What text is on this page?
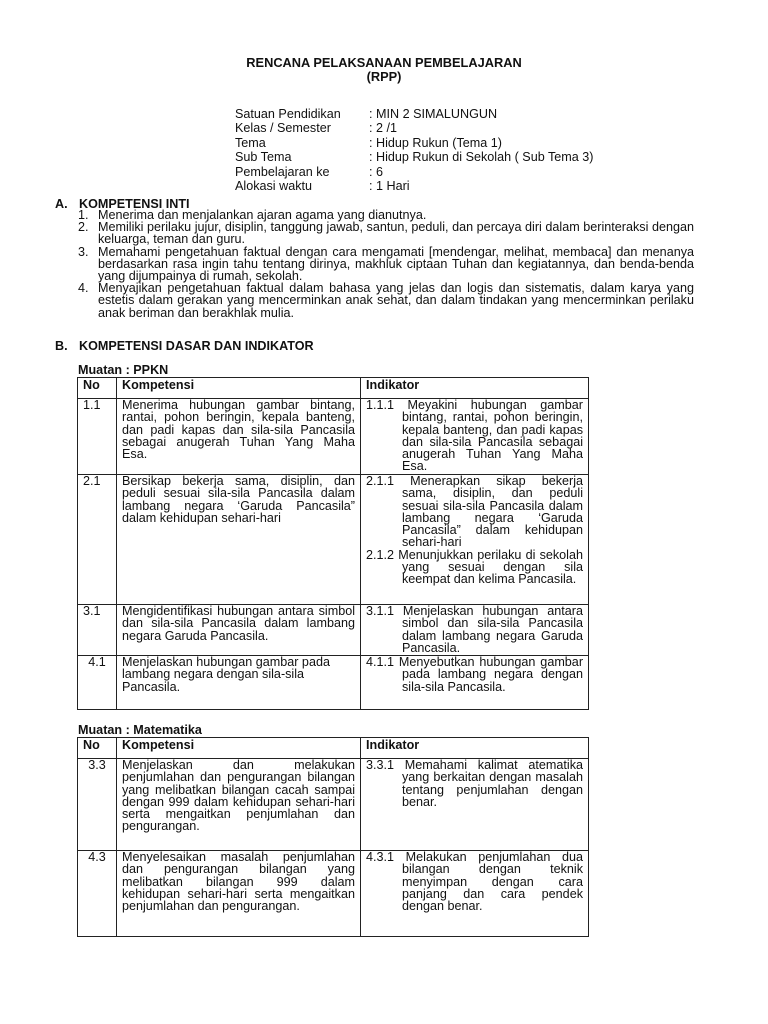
RENCANA PELAKSANAAN PEMBELAJARAN
(RPP)
Satuan Pendidikan	: MIN 2 SIMALUNGUN
Kelas / Semester	: 2 /1
Tema	: Hidup Rukun (Tema 1)
Sub Tema	: Hidup Rukun di Sekolah ( Sub Tema 3)
Pembelajaran ke	: 6
Alokasi waktu	: 1 Hari
A. KOMPETENSI INTI
1. Menerima dan menjalankan ajaran agama yang dianutnya.
2. Memiliki perilaku jujur, disiplin, tanggung jawab, santun, peduli, dan percaya diri dalam berinteraksi dengan keluarga, teman dan guru.
3. Memahami pengetahuan faktual dengan cara mengamati [mendengar, melihat, membaca] dan menanya berdasarkan rasa ingin tahu tentang dirinya, makhluk ciptaan Tuhan dan kegiatannya, dan benda-benda yang dijumpainya di rumah, sekolah.
4. Menyajikan pengetahuan faktual dalam bahasa yang jelas dan logis dan sistematis, dalam karya yang estetis dalam gerakan yang mencerminkan anak sehat, dan dalam tindakan yang mencerminkan perilaku anak beriman dan berakhlak mulia.
B. KOMPETENSI DASAR DAN INDIKATOR
Muatan : PPKN
No	Kompetensi	Indikator
1.1	Menerima hubungan gambar bintang, rantai, pohon beringin, kepala banteng, dan padi kapas dan sila-sila Pancasila sebagai anugerah Tuhan Yang Maha Esa.	1.1.1 Meyakini hubungan gambar bintang, rantai, pohon beringin, kepala banteng, dan padi kapas dan sila-sila Pancasila sebagai anugerah Tuhan Yang Maha Esa.

2.1	Bersikap bekerja sama, disiplin, dan peduli sesuai sila-sila Pancasila dalam lambang negara ‘Garuda Pancasila” dalam kehidupan sehari-hari	2.1.1 Menerapkan sikap bekerja sama, disiplin, dan peduli sesuai sila-sila Pancasila dalam lambang negara ‘Garuda Pancasila” dalam kehidupan sehari-hari
2.1.2 Menunjukkan perilaku di sekolah yang sesuai dengan sila keempat dan kelima Pancasila.

3.1	Mengidentifikasi hubungan antara simbol dan sila-sila Pancasila dalam lambang negara Garuda Pancasila.	3.1.1 Menjelaskan hubungan antara simbol dan sila-sila Pancasila dalam lambang negara Garuda Pancasila.

4.1	Menjelaskan hubungan gambar pada lambang negara dengan sila-sila Pancasila.	4.1.1 Menyebutkan hubungan gambar pada lambang negara dengan sila-sila Pancasila.
Muatan : Matematika
No	Kompetensi	Indikator
3.3	Menjelaskan dan melakukan penjumlahan dan pengurangan bilangan yang melibatkan bilangan cacah sampai dengan 999 dalam kehidupan sehari-hari serta mengaitkan penjumlahan dan pengurangan.	3.3.1 Memahami kalimat atematika yang berkaitan dengan masalah tentang penjumlahan dengan benar.

4.3	Menyelesaikan masalah penjumlahan dan pengurangan bilangan yang melibatkan bilangan 999 dalam kehidupan sehari-hari serta mengaitkan penjumlahan dan pengurangan.	4.3.1 Melakukan penjumlahan dua bilangan dengan teknik menyimpan dengan cara panjang dan cara pendek dengan benar.
